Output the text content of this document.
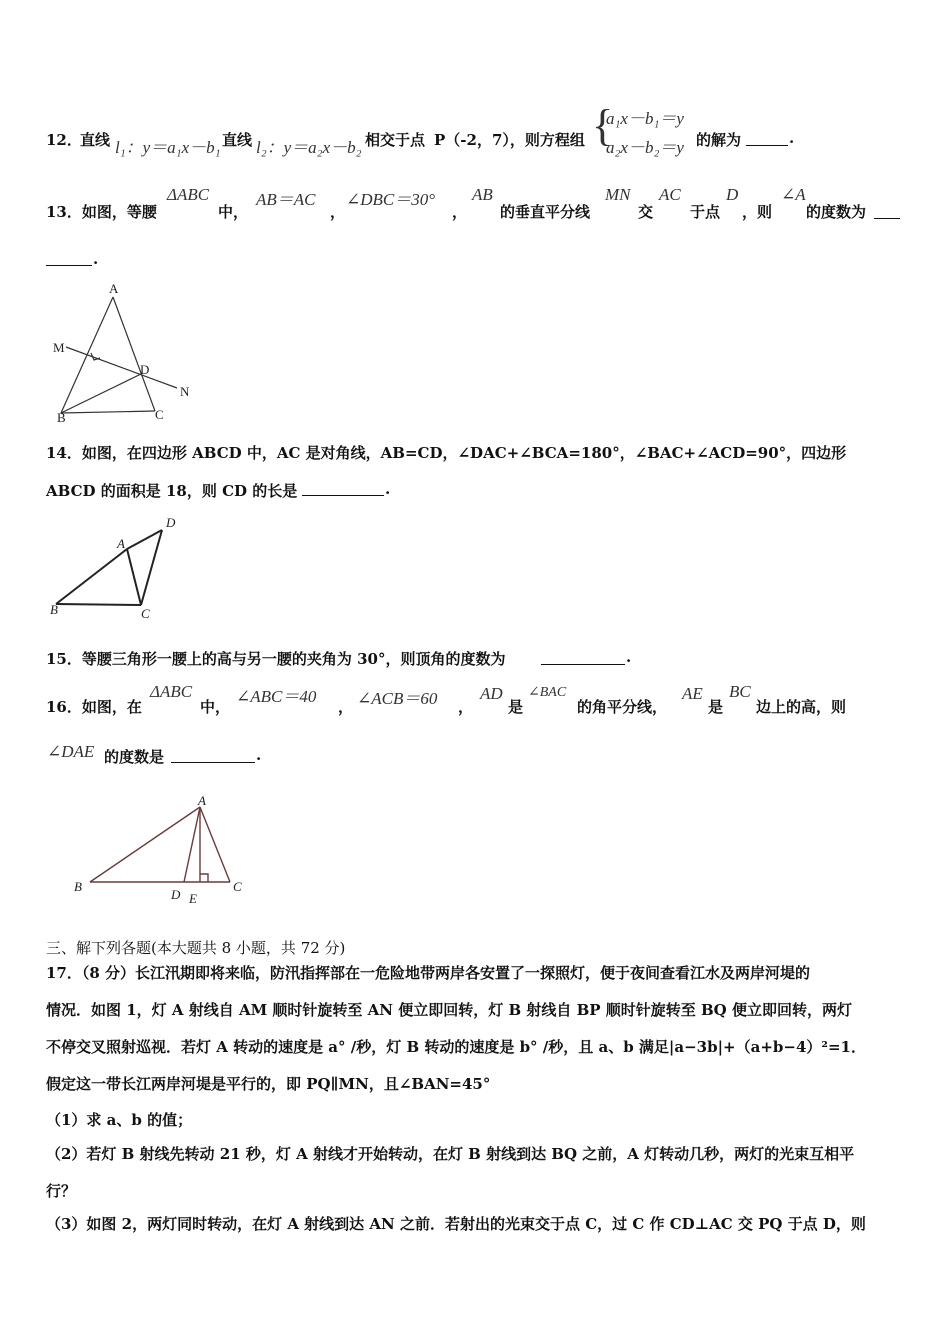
12．
直线 l₁：y＝a₁x－b₁ 直线 l₂：y＝a₂x－b₂ 相交于点 P（-2，7），则方程组 {
a₁x－b₁＝y
a₂x－b₂＝y 的解为	.
13．如图，等腰
ΔABC
中，
AB＝AC
，
∠DBC＝30°
，
AB
的垂直平分线
MN
交
AC
于点
D
，则
∠A
的度数为
.
A
M
D
N
B	C
14．如图，在四边形 ABCD 中，AC 是对角线，AB=CD，∠DAC+∠BCA=180°，∠BAC+∠ACD=90°，四边形
ABCD 的面积是 18，则 CD 的长是	.
A
D
B	C
15．等腰三角形一腰上的高与另一腰的夹角为 30°，则顶角的度数为	.
16．如图，在
ΔABC
中，
∠ABC＝40
， ∠ACB＝60 ，
AD
是
∠BAC
的角平分线，
AE
是
BC
边上的高，则
∠DAE 的度数是	.
A
B
D E
C
三、解下列各题(本大题共 8 小题，共 72 分)
17．（8 分）长江汛期即将来临，防汛指挥部在一危险地带两岸各安置了一探照灯，便于夜间查看江水及两岸河堤的
情况．如图 1，灯 A 射线自 AM 顺时针旋转至 AN 便立即回转，灯 B 射线自 BP 顺时针旋转至 BQ 便立即回转，两灯
不停交叉照射巡视．若灯 A 转动的速度是 a° /秒，灯 B 转动的速度是 b° /秒，且 a、b 满足|a−3b|+（a+b−4）²=1．
假定这一带长江两岸河堤是平行的，即 PQ∥MN，且∠BAN=45°
（1）求 a、b 的值；
（2）若灯 B 射线先转动 21 秒，灯 A 射线才开始转动，在灯 B 射线到达 BQ 之前，A 灯转动几秒，两灯的光束互相平
行？
（3）如图 2，两灯同时转动，在灯 A 射线到达 AN 之前．若射出的光束交于点 C，过 C 作 CD⊥AC 交 PQ 于点 D，则
